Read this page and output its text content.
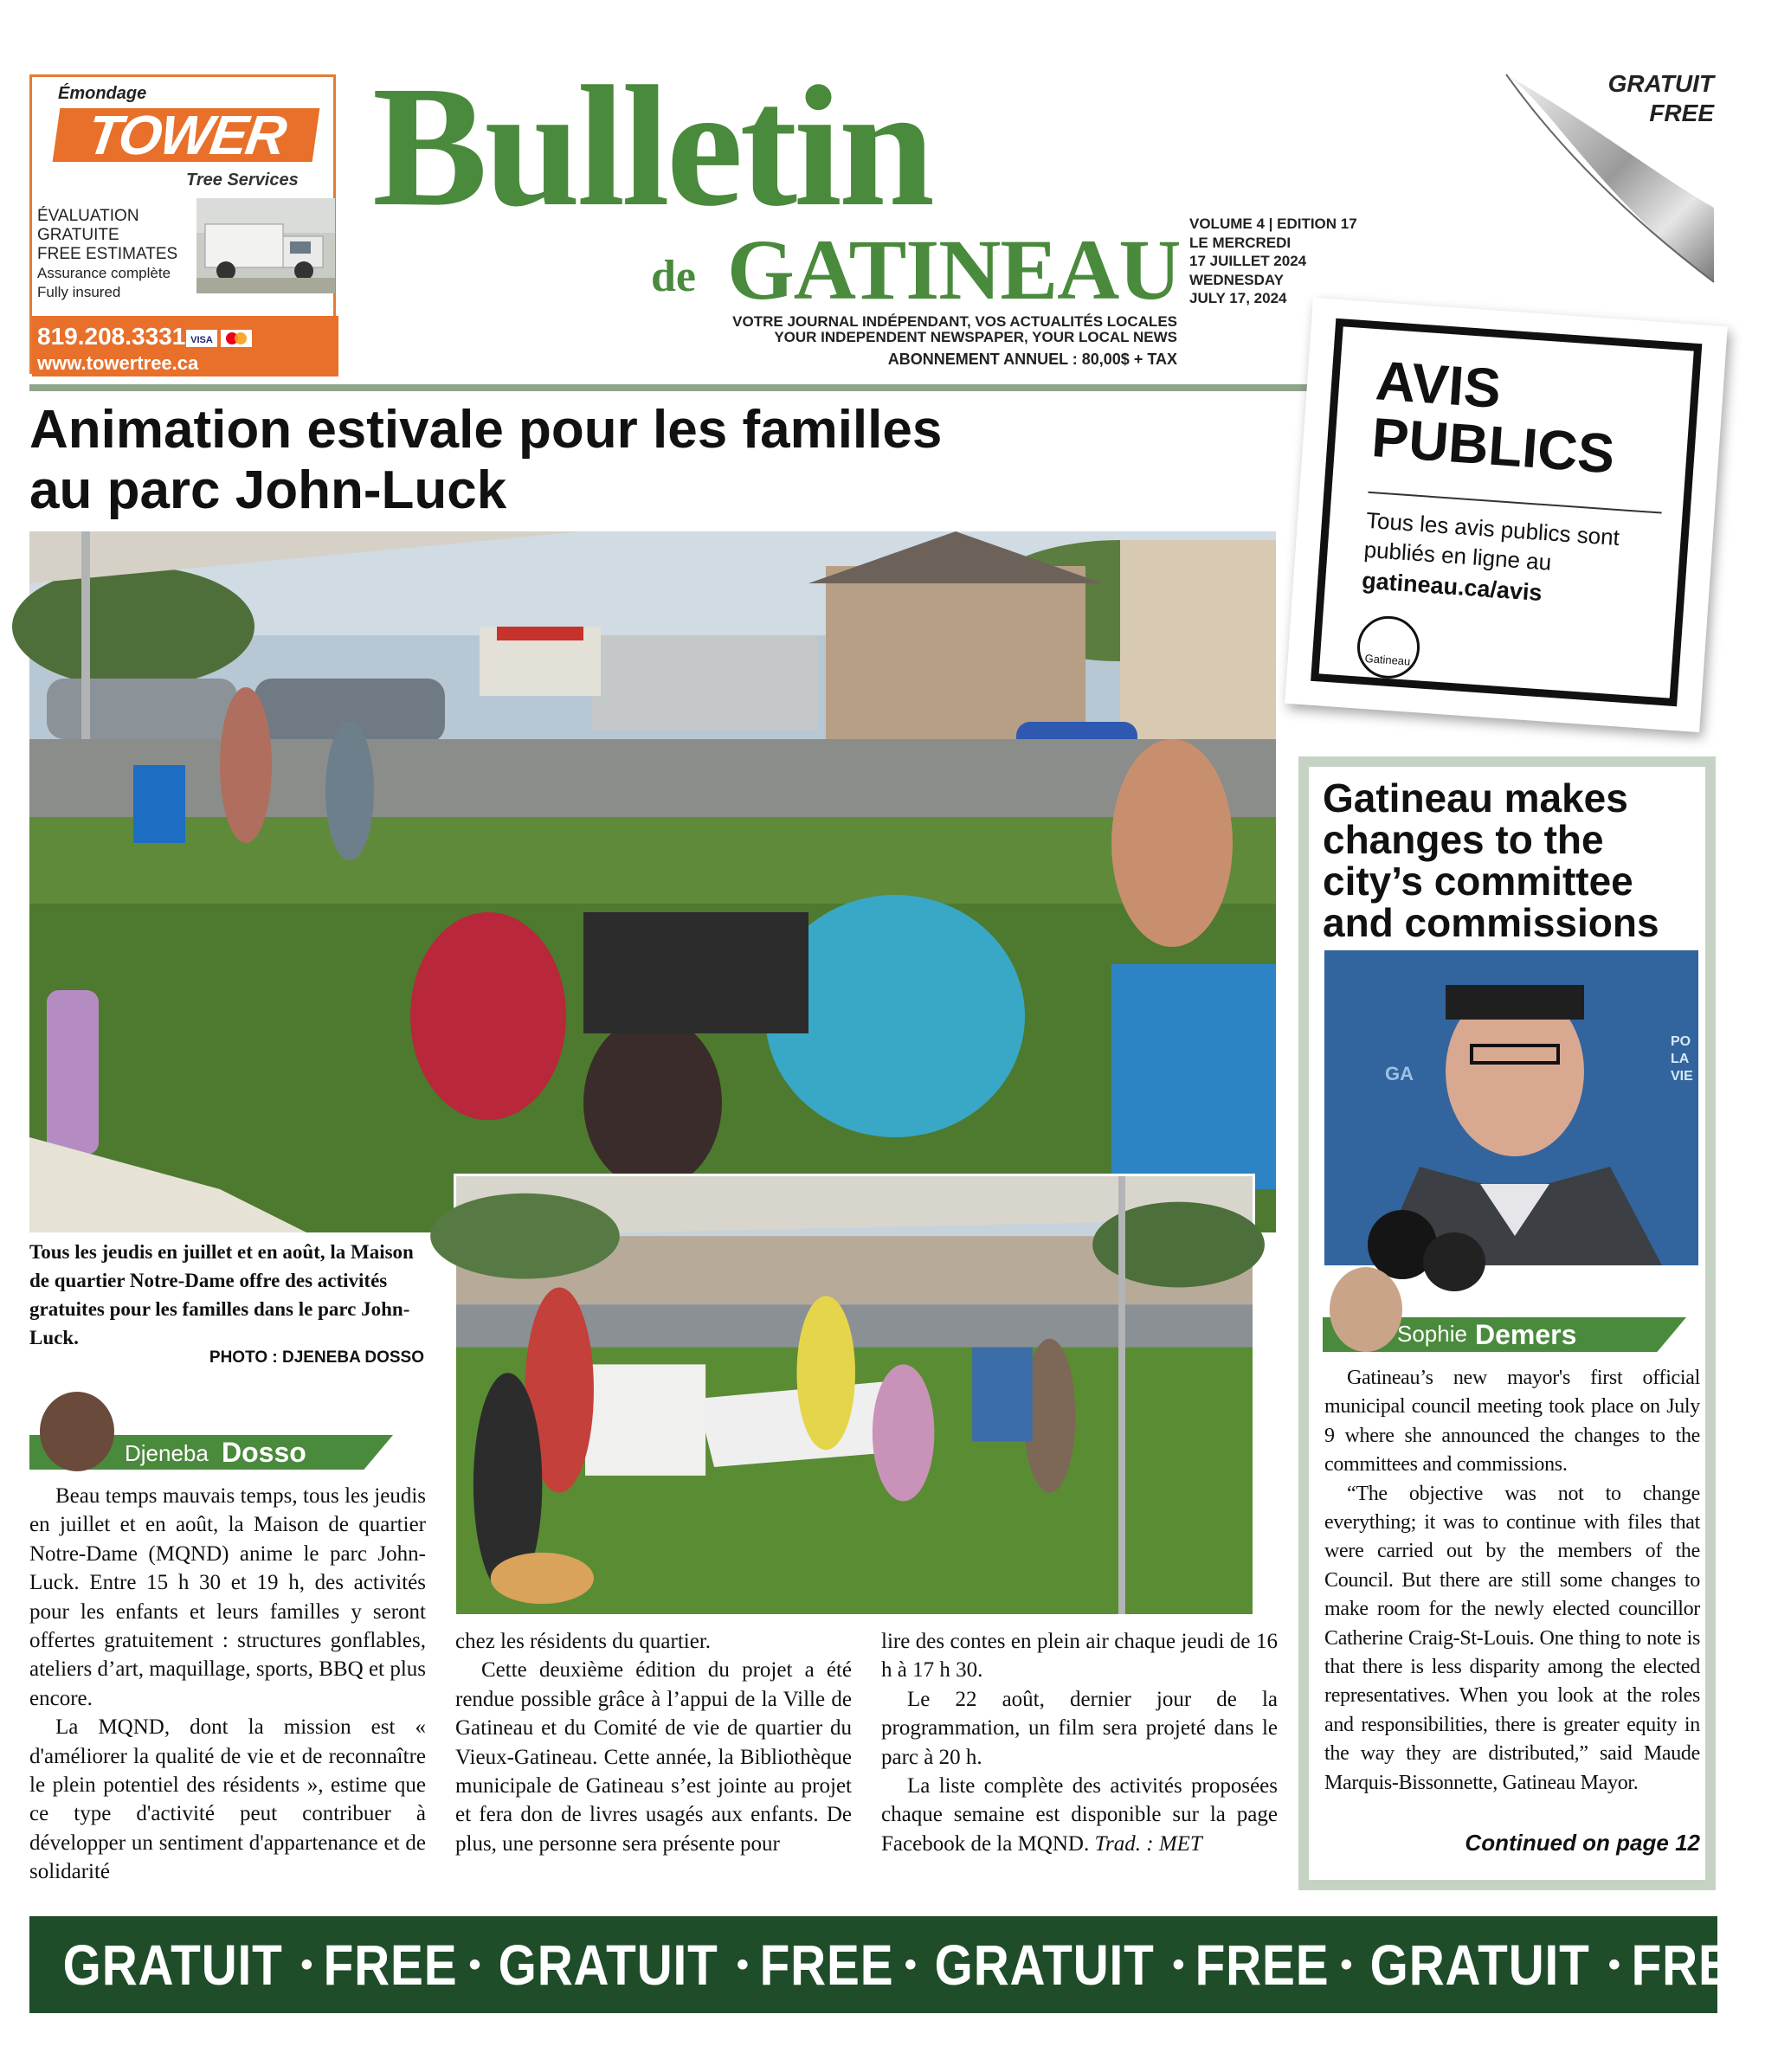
Émondage
TOWER
Tree Services
ÉVALUATION
GRATUITE
FREE ESTIMATES
Assurance complète
Fully insured
819.208.3331 VISA
www.towertree.ca
Bulletin
de GATINEAU
VOTRE JOURNAL INDÉPENDANT, VOS ACTUALITÉS LOCALES
YOUR INDEPENDENT NEWSPAPER, YOUR LOCAL NEWS
ABONNEMENT ANNUEL : 80,00$ + TAX
VOLUME 4 | EDITION 17
LE MERCREDI
17 JUILLET 2024
WEDNESDAY
JULY 17, 2024
GRATUIT
FREE
Animation estivale pour les familles
au parc John-Luck

Tous les jeudis en juillet et en août, la Maison de quartier Notre-Dame offre des activités gratuites pour les familles dans le parc John-Luck.

PHOTO : DJENEBA DOSSO
Djeneba Dosso

Beau temps mauvais temps, tous les jeudis en juillet et en août, la Maison de quartier Notre-Dame (MQND) anime le parc John-Luck. Entre 15 h 30 et 19 h, des activités pour les enfants et leurs familles y seront offertes gratuitement : structures gonflables, ateliers d’art, maquillage, sports, BBQ et plus encore.

La MQND, dont la mission est « d'améliorer la qualité de vie et de reconnaître le plein potentiel des résidents », estime que ce type d'activité peut contribuer à développer un sentiment d'appartenance et de solidarité

chez les résidents du quartier.

Cette deuxième édition du projet a été rendue possible grâce à l’appui de la Ville de Gatineau et du Comité de vie de quartier du Vieux-Gatineau. Cette année, la Bibliothèque municipale de Gatineau s’est jointe au projet et fera don de livres usagés aux enfants. De plus, une personne sera présente pour

lire des contes en plein air chaque jeudi de 16 h à 17 h 30.

Le 22 août, dernier jour de la programmation, un film sera projeté dans le parc à 20 h.

La liste complète des activités proposées chaque semaine est disponible sur la page Facebook de la MQND. Trad. : MET

AVIS
PUBLICS
Tous les avis publics sont publiés en ligne au
gatineau.ca/avis
Gatineau
Gatineau makes changes to the city’s committee and commissions
GA
PO
LA
VIE
Sophie Demers

Gatineau’s new mayor's first official municipal council meeting took place on July 9 where she announced the changes to the committees and commissions.

“The objective was not to change everything; it was to continue with files that were carried out by the members of the Council. But there are still some changes to make room for the newly elected councillor Catherine Craig-St-Louis. One thing to note is that there is less disparity among the elected representatives. When you look at the roles and responsibilities, there is greater equity in the way they are distributed,” said Maude Marquis-Bissonnette, Gatineau Mayor.

Continued on page 12
GRATUIT • FREE • GRATUIT • FREE • GRATUIT • FREE • GRATUIT • FREE
